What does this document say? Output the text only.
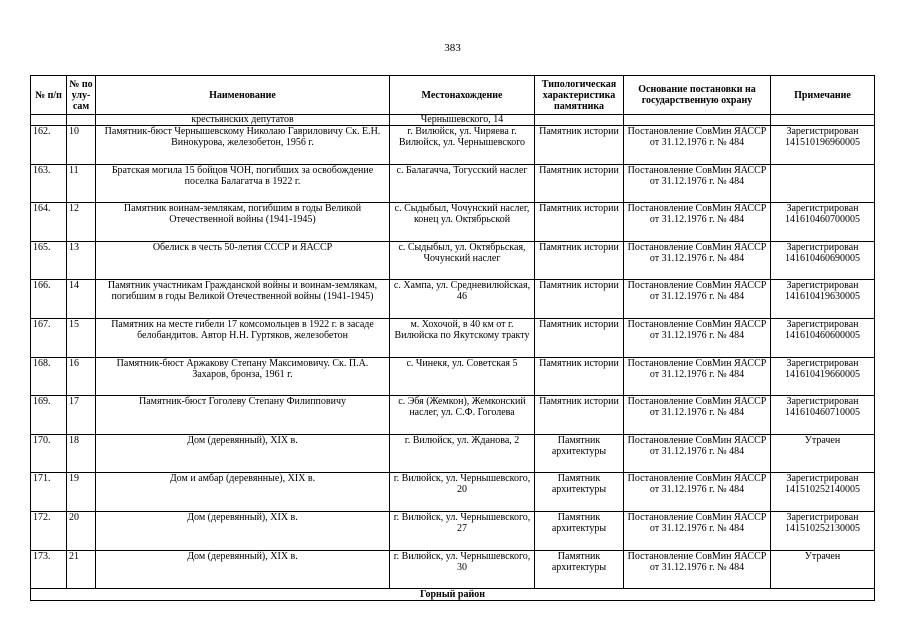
383
№ п/п	№ по улу-сам	Наименование	Местонахождение	Типологическая характеристика памятника	Основание постановки на государственную охрану	Примечание
		крестьянских депутатов	Чернышевского, 14			
162.	10	Памятник-бюст Чернышевскому Николаю Гавриловичу Ск. Е.Н. Винокурова, железобетон, 1956 г.	г. Вилюйск, ул. Чиряева г. Вилюйск, ул. Чернышевского	Памятник истории	Постановление СовМин ЯАССР от 31.12.1976 г. № 484	Зарегистрирован 141510196960005
163.	11	Братская могила 15 бойцов ЧОН, погибших за освобождение поселка Балагатча в 1922 г.	с. Балагачча, Тогусский наслег	Памятник истории	Постановление СовМин ЯАССР от 31.12.1976 г. № 484	
164.	12	Памятник воинам-землякам, погибшим в годы Великой Отечественной войны (1941-1945)	с. Сыдыбыл, Чочунский наслег, конец ул. Октябрьской	Памятник истории	Постановление СовМин ЯАССР от 31.12.1976 г. № 484	Зарегистрирован 141610460700005
165.	13	Обелиск в честь 50-летия СССР и ЯАССР	с. Сыдыбыл, ул. Октябрьская, Чочунский наслег	Памятник истории	Постановление СовМин ЯАССР от 31.12.1976 г. № 484	Зарегистрирован 141610460690005
166.	14	Памятник участникам Гражданской войны и воинам-землякам, погибшим в годы Великой Отечественной войны (1941-1945)	с. Хампа, ул. Средневилюйская, 46	Памятник истории	Постановление СовМин ЯАССР от 31.12.1976 г. № 484	Зарегистрирован 141610419630005
167.	15	Памятник на месте гибели 17 комсомольцев в 1922 г. в засаде белобандитов. Автор Н.Н. Гуртяков, железобетон	м. Хохочой, в 40 км от г. Вилюйска по Якутскому тракту	Памятник истории	Постановление СовМин ЯАССР от 31.12.1976 г. № 484	Зарегистрирован 141610460600005
168.	16	Памятник-бюст Аржакову Степану Максимовичу. Ск. П.А. Захаров, бронза, 1961 г.	с. Чинекя, ул. Советская 5	Памятник истории	Постановление СовМин ЯАССР от 31.12.1976 г. № 484	Зарегистрирован 141610419660005
169.	17	Памятник-бюст Гоголеву Степану Филипповичу	с. Эбя (Жемкон), Жемконский наслег, ул. С.Ф. Гоголева	Памятник истории	Постановление СовМин ЯАССР от 31.12.1976 г. № 484	Зарегистрирован 141610460710005
170.	18	Дом (деревянный), XIX в.	г. Вилюйск, ул. Жданова, 2	Памятник архитектуры	Постановление СовМин ЯАССР от 31.12.1976 г. № 484	Утрачен
171.	19	Дом и амбар (деревянные), XIX в.	г. Вилюйск, ул. Чернышевского, 20	Памятник архитектуры	Постановление СовМин ЯАССР от 31.12.1976 г. № 484	Зарегистрирован 141510252140005
172.	20	Дом (деревянный), XIX в.	г. Вилюйск, ул. Чернышевского, 27	Памятник архитектуры	Постановление СовМин ЯАССР от 31.12.1976 г. № 484	Зарегистрирован 141510252130005
173.	21	Дом (деревянный), XIX в.	г. Вилюйск, ул. Чернышевского, 30	Памятник архитектуры	Постановление СовМин ЯАССР от 31.12.1976 г. № 484	Утрачен
Горный район						
